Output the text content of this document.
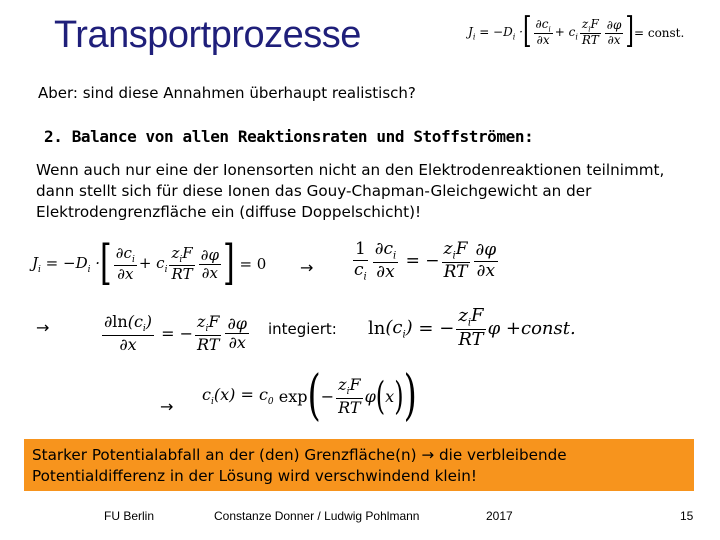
Transportprozesse	$J_i = -D_i$ · [ $\frac{\partial c_i}{\partial x} + c_i \frac{z_iF}{RT} \frac{\partial\varphi}{\partial x}$ ] = const.
Aber: sind diese Annahmen überhaupt realistisch?
2. Balance von allen Reaktionsraten und Stoffströmen:
Wenn auch nur eine der Ionensorten nicht an den Elektrodenreaktionen teilnimmt, dann stellt sich für diese Ionen das Gouy-Chapman-Gleichgewicht an der Elektrodengrenzfläche ein (diffuse Doppelschicht)!
$J_i = -D_i$ · [ $\frac{\partial c_i}{\partial x} + c_i \frac{z_iF}{RT} \frac{\partial\varphi}{\partial x}$ ] = $0 \to \frac{1}{c_i} \frac{\partial c_i}{\partial x}$ = − $\frac{z_iF}{RT} \frac{\partial\varphi}{\partial x}$
→	$\frac{\partial\ln(c_i)}{\partial x}$ = − $\frac{z_iF}{RT} \frac{\partial\varphi}{\partial x}$ integiert: $\ln (c_i)$ = − $\frac{z_iF}{RT}$ φ + const.
→
$c_i(x) = c_0$ exp ( − $\frac{z_iF}{RT}$ φ ( x ) )
Starker Potentialabfall an der (den) Grenzfläche(n) → die verbleibende Potentialdifferenz in der Lösung wird verschwindend klein!
FU Berlin	Constanze Donner / Ludwig Pohlmann	2017	15
